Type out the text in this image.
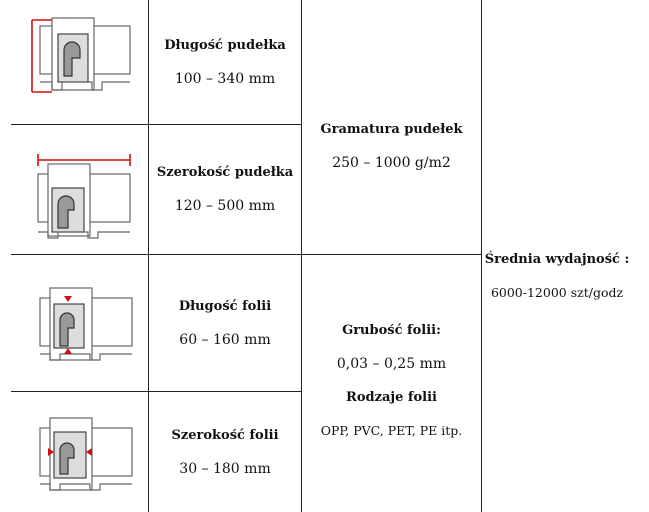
Długość pudełka
100 – 340 mm
Szerokość pudełka
120 – 500 mm
Długość folii
60 – 160 mm
Szerokość folii
30 – 180 mm
Gramatura pudełek
250 – 1000 g/m2
Grubość folii:
0,03 – 0,25 mm
Rodzaje folii
OPP, PVC, PET, PE itp.
Średnia wydajność :
6000-12000 szt/godz
